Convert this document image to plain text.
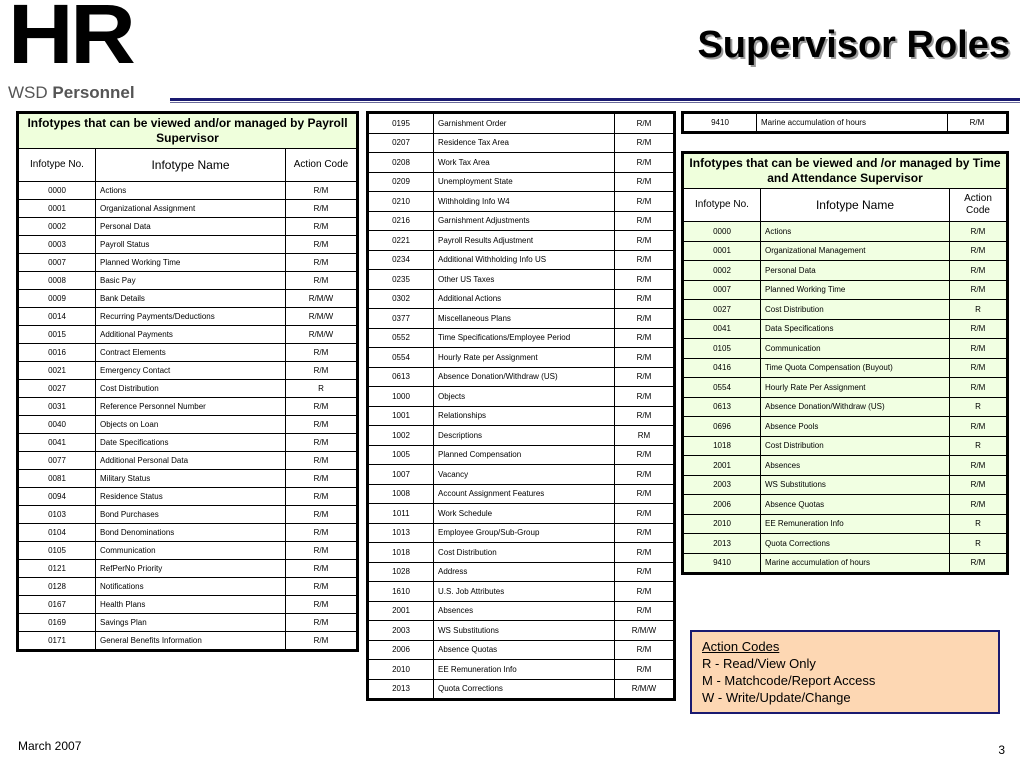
HR
WSD Personnel
Supervisor Roles
Infotypes that can be viewed and/or managed by Payroll Supervisor		
Infotype No.	Infotype Name	Action Code
0000	Actions	R/M
0001	Organizational Assignment	R/M
0002	Personal Data	R/M
0003	Payroll Status	R/M
0007	Planned Working Time	R/M
0008	Basic Pay	R/M
0009	Bank Details	R/M/W
0014	Recurring Payments/Deductions	R/M/W
0015	Additional Payments	R/M/W
0016	Contract Elements	R/M
0021	Emergency Contact	R/M
0027	Cost Distribution	R
0031	Reference Personnel Number	R/M
0040	Objects on Loan	R/M
0041	Date Specifications	R/M
0077	Additional Personal Data	R/M
0081	Military Status	R/M
0094	Residence Status	R/M
0103	Bond Purchases	R/M
0104	Bond Denominations	R/M
0105	Communication	R/M
0121	RefPerNo Priority	R/M
0128	Notifications	R/M
0167	Health Plans	R/M
0169	Savings Plan	R/M
0171	General Benefits Information	R/M
0195	Garnishment Order	R/M
0207	Residence Tax Area	R/M
0208	Work Tax Area	R/M
0209	Unemployment State	R/M
0210	Withholding Info W4	R/M
0216	Garnishment Adjustments	R/M
0221	Payroll Results Adjustment	R/M
0234	Additional Withholding Info US	R/M
0235	Other US Taxes	R/M
0302	Additional Actions	R/M
0377	Miscellaneous Plans	R/M
0552	Time Specifications/Employee Period	R/M
0554	Hourly Rate per Assignment	R/M
0613	Absence Donation/Withdraw (US)	R/M
1000	Objects	R/M
1001	Relationships	R/M
1002	Descriptions	RM
1005	Planned Compensation	R/M
1007	Vacancy	R/M
1008	Account Assignment Features	R/M
1011	Work Schedule	R/M
1013	Employee Group/Sub-Group	R/M
1018	Cost Distribution	R/M
1028	Address	R/M
1610	U.S. Job Attributes	R/M
2001	Absences	R/M
2003	WS Substitutions	R/M/W
2006	Absence Quotas	R/M
2010	EE Remuneration Info	R/M
2013	Quota Corrections	R/M/W
9410	Marine accumulation of hours	R/M
Infotypes that can be viewed and /or managed by Time and Attendance Supervisor		
Infotype No.	Infotype Name	Action Code
0000	Actions	R/M
0001	Organizational Management	R/M
0002	Personal Data	R/M
0007	Planned Working Time	R/M
0027	Cost Distribution	R
0041	Data Specifications	R/M
0105	Communication	R/M
0416	Time Quota Compensation (Buyout)	R/M
0554	Hourly Rate Per Assignment	R/M
0613	Absence Donation/Withdraw (US)	R
0696	Absence Pools	R/M
1018	Cost Distribution	R
2001	Absences	R/M
2003	WS Substitutions	R/M
2006	Absence Quotas	R/M
2010	EE Remuneration Info	R
2013	Quota Corrections	R
9410	Marine accumulation of hours	R/M
Action Codes
R - Read/View Only
M - Matchcode/Report Access
W - Write/Update/Change
March 2007	3
